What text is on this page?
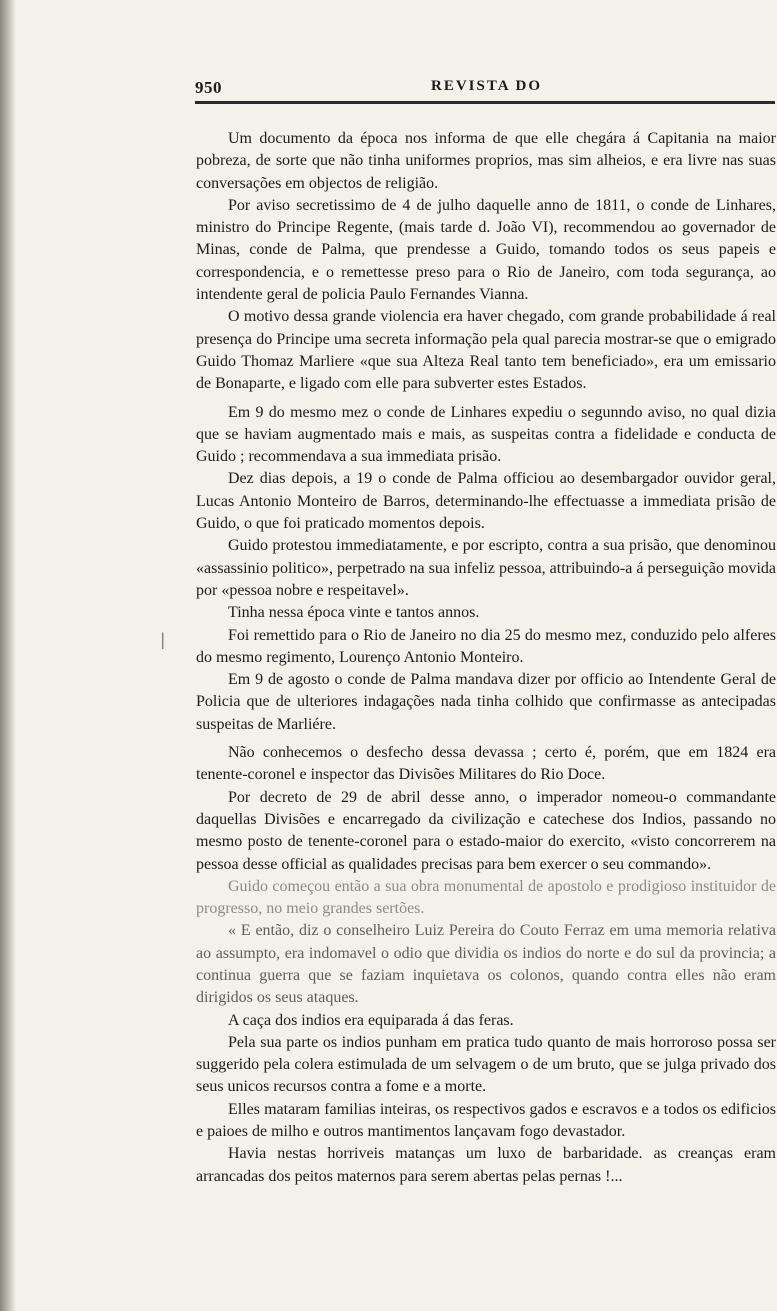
950	REVISTA DO

Um documento da época nos informa de que elle chegára á Capitania na maior pobreza, de sorte que não tinha uniformes proprios, mas sim alheios, e era livre nas suas conversações em objectos de religião.

Por aviso secretissimo de 4 de julho daquelle anno de 1811, o conde de Linhares, ministro do Principe Regente, (mais tarde d. João VI), recommendou ao governador de Minas, conde de Palma, que prendesse a Guido, tomando todos os seus papeis e correspondencia, e o remettesse preso para o Rio de Janeiro, com toda segurança, ao intendente geral de policia Paulo Fernandes Vianna.

O motivo dessa grande violencia era haver chegado, com grande probabilidade á real presença do Principe uma secreta informação pela qual parecia mostrar-se que o emigrado Guido Thomaz Marliere «que sua Alteza Real tanto tem beneficiado», era um emissario de Bonaparte, e ligado com elle para subverter estes Estados.

Em 9 do mesmo mez o conde de Linhares expediu o segunndo aviso, no qual dizia que se haviam augmentado mais e mais, as suspeitas contra a fidelidade e conducta de Guido ; recommendava a sua immediata prisão.

Dez dias depois, a 19 o conde de Palma officiou ao desembargador ouvidor geral, Lucas Antonio Monteiro de Barros, determinando-lhe effectuasse a immediata prisão de Guido, o que foi praticado momentos depois.

Guido protestou immediatamente, e por escripto, contra a sua prisão, que denominou «assassinio politico», perpetrado na sua infeliz pessoa, attribuindo-a á perseguição movida por «pessoa nobre e respeitavel».

Tinha nessa época vinte e tantos annos.

Foi remettido para o Rio de Janeiro no dia 25 do mesmo mez, conduzido pelo alferes do mesmo regimento, Lourenço Antonio Monteiro.

Em 9 de agosto o conde de Palma mandava dizer por officio ao Intendente Geral de Policia que de ulteriores indagações nada tinha colhido que confirmasse as antecipadas suspeitas de Marliére.

Não conhecemos o desfecho dessa devassa ; certo é, porém, que em 1824 era tenente-coronel e inspector das Divisões Militares do Rio Doce.

Por decreto de 29 de abril desse anno, o imperador nomeou-o commandante daquellas Divisões e encarregado da civilização e catechese dos Indios, passando no mesmo posto de tenente-coronel para o estado-maior do exercito, «visto concorrerem na pessoa desse official as qualidades precisas para bem exercer o seu commando».

Guido começou então a sua obra monumental de apostolo e prodigioso instituidor de progresso, no meio grandes sertões.

« E então, diz o conselheiro Luiz Pereira do Couto Ferraz em uma memoria relativa ao assumpto, era indomavel o odio que dividia os indios do norte e do sul da provincia; a continua guerra que se faziam inquietava os colonos, quando contra elles não eram dirigidos os seus ataques.

A caça dos indios era equiparada á das feras.

Pela sua parte os indios punham em pratica tudo quanto de mais horroroso possa ser suggerido pela colera estimulada de um selvagem o de um bruto, que se julga privado dos seus unicos recursos contra a fome e a morte.

Elles mataram familias inteiras, os respectivos gados e escravos e a todos os edificios e paioes de milho e outros mantimentos lançavam fogo devastador.

Havia nestas horriveis matanças um luxo de barbaridade. as creanças eram arrancadas dos peitos maternos para serem abertas pelas pernas !...

|
